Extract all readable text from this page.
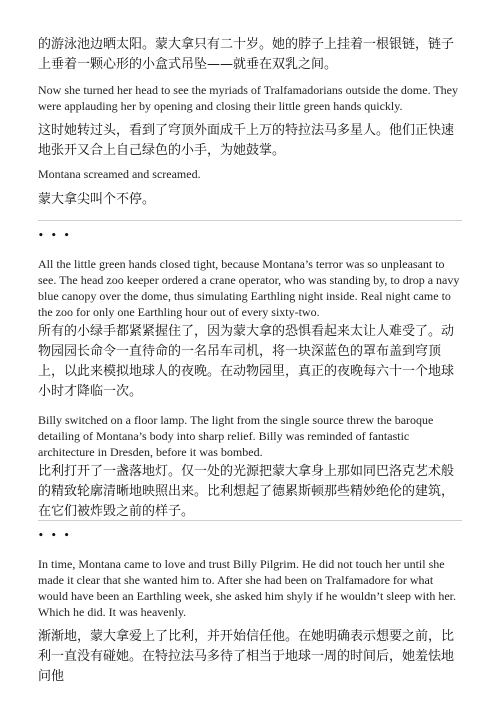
的游泳池边晒太阳。蒙大拿只有二十岁。她的脖子上挂着一根银链，链子上垂着一颗心形的小盒式吊坠——就垂在双乳之间。

Now she turned her head to see the myriads of Tralfamadorians outside the dome. They were applauding her by opening and closing their little green hands quickly.

这时她转过头，看到了穹顶外面成千上万的特拉法马多星人。他们正快速地张开又合上自己绿色的小手，为她鼓掌。

Montana screamed and screamed.

蒙大拿尖叫个不停。

• • •

All the little green hands closed tight, because Montana’s terror was so unpleasant to see. The head zoo keeper ordered a crane operator, who was standing by, to drop a navy blue canopy over the dome, thus simulating Earthling night inside. Real night came to the zoo for only one Earthling hour out of every sixty-two.

所有的小绿手都紧紧握住了，因为蒙大拿的恐惧看起来太让人难受了。动物园园长命令一直待命的一名吊车司机，将一块深蓝色的罩布盖到穹顶上，以此来模拟地球人的夜晚。在动物园里，真正的夜晚每六十一个地球小时才降临一次。

Billy switched on a floor lamp. The light from the single source threw the baroque detailing of Montana’s body into sharp relief. Billy was reminded of fantastic architecture in Dresden, before it was bombed.

比利打开了一盏落地灯。仅一处的光源把蒙大拿身上那如同巴洛克艺术般的精致轮廓清晰地映照出来。比利想起了德累斯顿那些精妙绝伦的建筑，在它们被炸毁之前的样子。

• • •

In time, Montana came to love and trust Billy Pilgrim. He did not touch her until she made it clear that she wanted him to. After she had been on Tralfamadore for what would have been an Earthling week, she asked him shyly if he wouldn’t sleep with her. Which he did. It was heavenly.

渐渐地，蒙大拿爱上了比利，并开始信任他。在她明确表示想要之前，比利一直没有碰她。在特拉法马多待了相当于地球一周的时间后，她羞怯地问他
